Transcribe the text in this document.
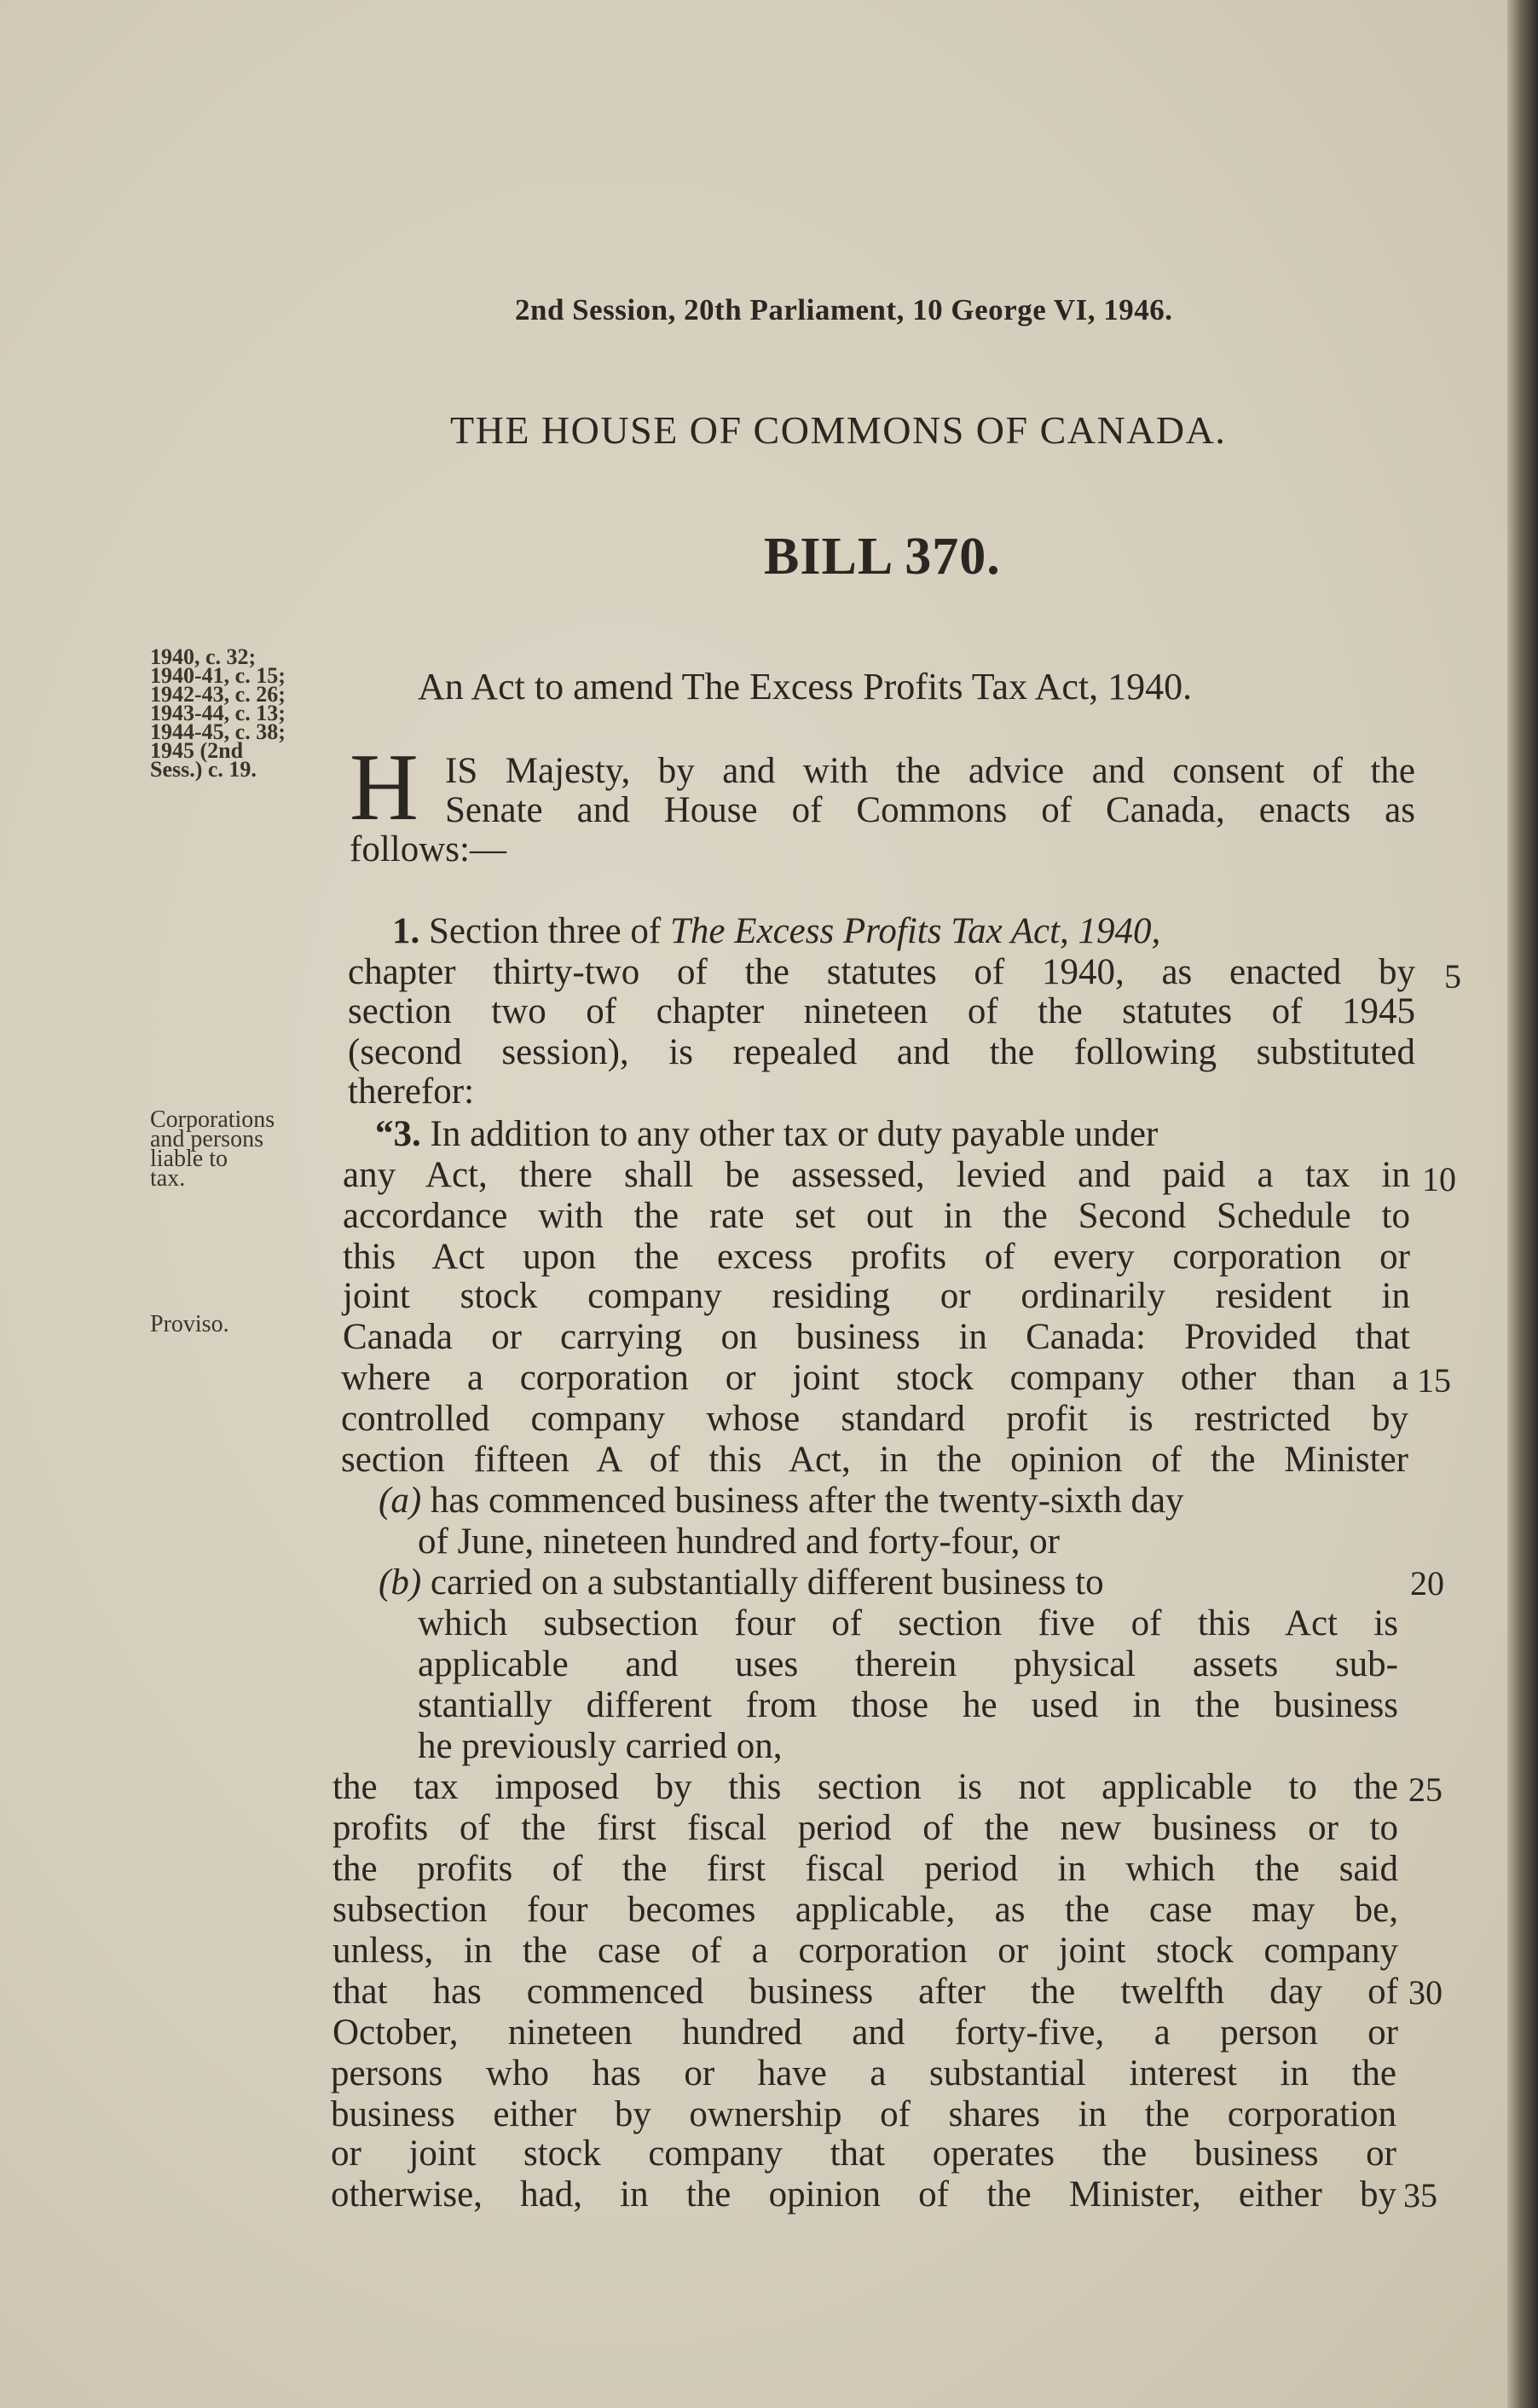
2nd Session, 20th Parliament, 10 George VI, 1946.
THE HOUSE OF COMMONS OF CANADA.
BILL 370.
An Act to amend The Excess Profits Tax Act, 1940.
1940, c. 32;
1940-41, c. 15;
1942-43, c. 26;
1943-44, c. 13;
1944-45, c. 38;
1945 (2nd
Sess.) c. 19.
Corporations
and persons
liable to
tax.
Proviso.
H IS Majesty, by and with the advice and consent of the
Senate and House of Commons of Canada, enacts as
follows:—
1. Section three of The Excess Profits Tax Act, 1940,
chapter thirty-two of the statutes of 1940, as enacted by
section two of chapter nineteen of the statutes of 1945
(second session), is repealed and the following substituted
therefor:
“3. In addition to any other tax or duty payable under
any Act, there shall be assessed, levied and paid a tax in
accordance with the rate set out in the Second Schedule to
this Act upon the excess profits of every corporation or
joint stock company residing or ordinarily resident in
Canada or carrying on business in Canada: Provided that
where a corporation or joint stock company other than a
controlled company whose standard profit is restricted by
section fifteen A of this Act, in the opinion of the Minister
(a) has commenced business after the twenty-sixth day
of June, nineteen hundred and forty-four, or
(b) carried on a substantially different business to
which subsection four of section five of this Act is
applicable and uses therein physical assets sub-
stantially different from those he used in the business
he previously carried on,
the tax imposed by this section is not applicable to the
profits of the first fiscal period of the new business or to
the profits of the first fiscal period in which the said
subsection four becomes applicable, as the case may be,
unless, in the case of a corporation or joint stock company
that has commenced business after the twelfth day of
October, nineteen hundred and forty-five, a person or
persons who has or have a substantial interest in the
business either by ownership of shares in the corporation
or joint stock company that operates the business or
otherwise, had, in the opinion of the Minister, either by
5
10
15
20
25
30
35
